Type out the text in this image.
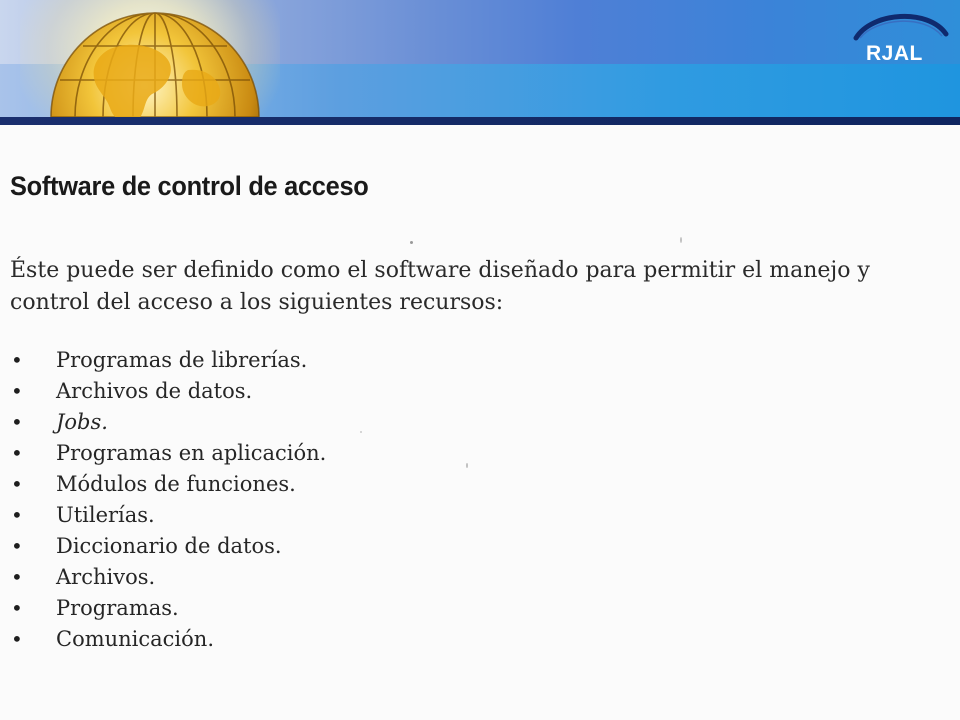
RJAL
Software de control de acceso
Éste puede ser definido como el software diseñado para permitir el manejo y control del acceso a los siguientes recursos:
• Programas de librerías.
• Archivos de datos.
• Jobs.
• Programas en aplicación.
• Módulos de funciones.
• Utilerías.
• Diccionario de datos.
• Archivos.
• Programas.
• Comunicación.
